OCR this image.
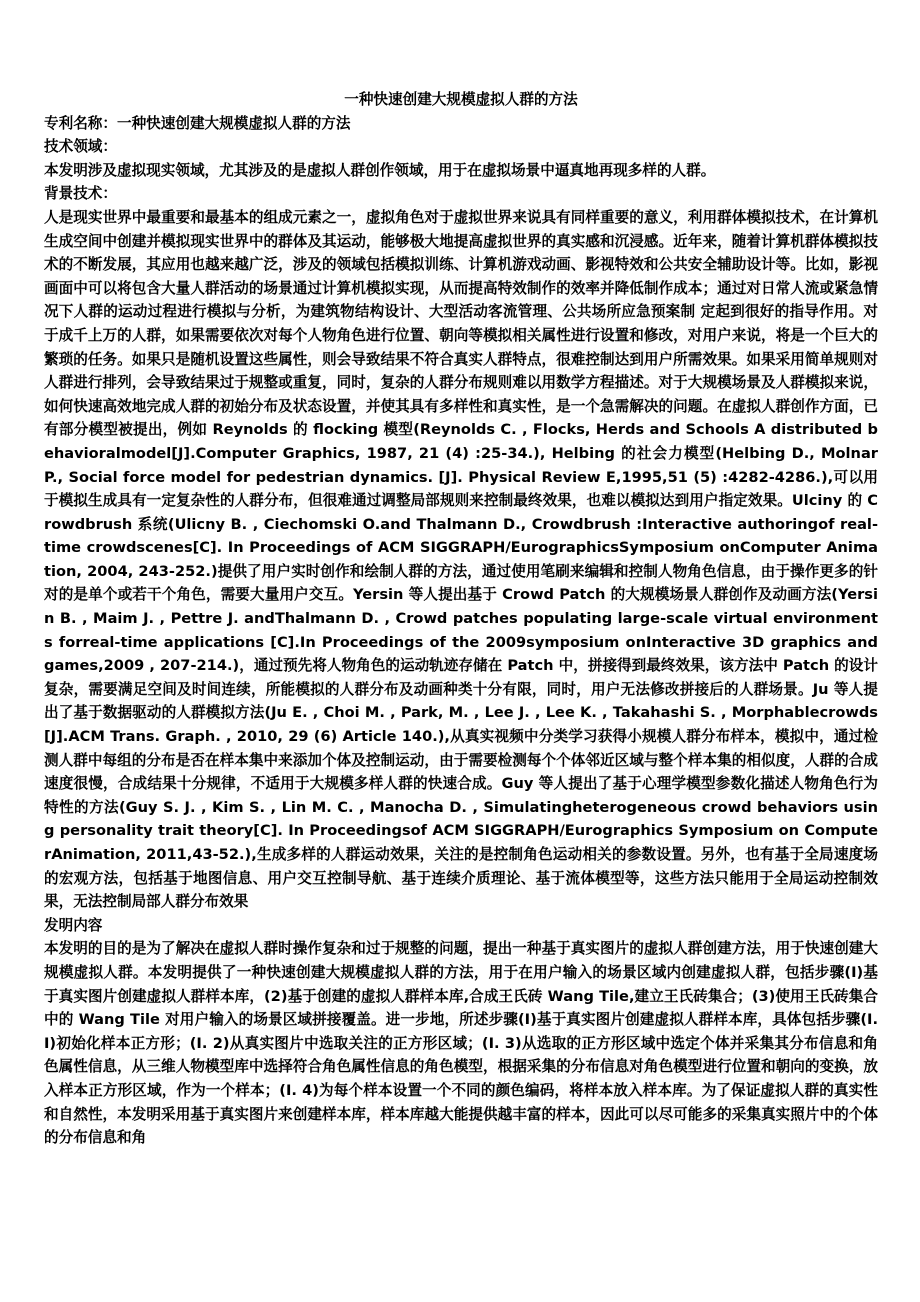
一种快速创建大规模虚拟人群的方法

专利名称：一种快速创建大规模虚拟人群的方法

技术领域：

本发明涉及虚拟现实领域，尤其涉及的是虚拟人群创作领域，用于在虚拟场景中逼真地再现多样的人群。

背景技术：

人是现实世界中最重要和最基本的组成元素之一，虚拟角色对于虚拟世界来说具有同样重要的意义，利用群体模拟技术，在计算机生成空间中创建并模拟现实世界中的群体及其运动，能够极大地提高虚拟世界的真实感和沉浸感。近年来，随着计算机群体模拟技术的不断发展，其应用也越来越广泛，涉及的领域包括模拟训练、计算机游戏动画、影视特效和公共安全辅助设计等。比如，影视画面中可以将包含大量人群活动的场景通过计算机模拟实现，从而提高特效制作的效率并降低制作成本；通过对日常人流或紧急情况下人群的运动过程进行模拟与分析，为建筑物结构设计、大型活动客流管理、公共场所应急预案制 定起到很好的指导作用。对于成千上万的人群，如果需要依次对每个人物角色进行位置、朝向等模拟相关属性进行设置和修改，对用户来说，将是一个巨大的繁琐的任务。如果只是随机设置这些属性，则会导致结果不符合真实人群特点，很难控制达到用户所需效果。如果采用简单规则对人群进行排列，会导致结果过于规整或重复，同时，复杂的人群分布规则难以用数学方程描述。对于大规模场景及人群模拟来说，如何快速高效地完成人群的初始分布及状态设置，并使其具有多样性和真实性，是一个急需解决的问题。在虚拟人群创作方面，已有部分模型被提出，例如 Reynolds 的 flocking 模型(Reynolds C. , Flocks, Herds and Schools A distributed behavioralmodel[J].Computer Graphics, 1987, 21 (4) :25-34.), Helbing 的社会力模型(Helbing D., MolnarP., Social force model for pedestrian dynamics. [J]. Physical Review E,1995,51 (5) :4282-4286.),可以用于模拟生成具有一定复杂性的人群分布，但很难通过调整局部规则来控制最终效果，也难以模拟达到用户指定效果。Ulciny 的 Crowdbrush 系统(Ulicny B. , Ciechomski O.and Thalmann D., Crowdbrush :Interactive authoringof real-time crowdscenes[C]. In Proceedings of ACM SIGGRAPH/EurographicsSymposium onComputer Animation, 2004, 243-252.)提供了用户实时创作和绘制人群的方法，通过使用笔刷来编辑和控制人物角色信息，由于操作更多的针对的是单个或若干个角色，需要大量用户交互。Yersin 等人提出基于 Crowd Patch 的大规模场景人群创作及动画方法(Yersin B. , Maim J. , Pettre J. andThalmann D. , Crowd patches populating large-scale virtual environments forreal-time applications [C].In Proceedings of the 2009symposium onInteractive 3D graphics and games,2009 , 207-214.)，通过预先将人物角色的运动轨迹存储在 Patch 中，拼接得到最终效果，该方法中 Patch 的设计复杂，需要满足空间及时间连续，所能模拟的人群分布及动画种类十分有限，同时，用户无法修改拼接后的人群场景。Ju 等人提出了基于数据驱动的人群模拟方法(Ju E. , Choi M. , Park, M. , Lee J. , Lee K. , Takahashi S. , Morphablecrowds [J].ACM Trans. Graph. , 2010, 29 (6) Article 140.),从真实视频中分类学习获得小规模人群分布样本，模拟中，通过检测人群中每组的分布是否在样本集中来添加个体及控制运动，由于需要检测每个个体邻近区域与整个样本集的相似度，人群的合成速度很慢，合成结果十分规律，不适用于大规模多样人群的快速合成。Guy 等人提出了基于心理学模型参数化描述人物角色行为特性的方法(Guy S. J. , Kim S. , Lin M. C. , Manocha D. , Simulatingheterogeneous crowd behaviors using personality trait theory[C]. In Proceedingsof ACM SIGGRAPH/Eurographics Symposium on ComputerAnimation, 2011,43-52.),生成多样的人群运动效果，关注的是控制角色运动相关的参数设置。另外，也有基于全局速度场的宏观方法，包括基于地图信息、用户交互控制导航、基于连续介质理论、基于流体模型等，这些方法只能用于全局运动控制效果，无法控制局部人群分布效果

发明内容

本发明的目的是为了解决在虚拟人群时操作复杂和过于规整的问题，提出一种基于真实图片的虚拟人群创建方法，用于快速创建大规模虚拟人群。本发明提供了一种快速创建大规模虚拟人群的方法，用于在用户输入的场景区域内创建虚拟人群，包括步骤(I)基于真实图片创建虚拟人群样本库，(2)基于创建的虚拟人群样本库,合成王氏砖 Wang Tile,建立王氏砖集合；(3)使用王氏砖集合中的 Wang Tile 对用户输入的场景区域拼接覆盖。进一步地，所述步骤(I)基于真实图片创建虚拟人群样本库，具体包括步骤(I. I)初始化样本正方形；(I. 2)从真实图片中选取关注的正方形区域；(I. 3)从选取的正方形区域中选定个体并采集其分布信息和角色属性信息，从三维人物模型库中选择符合角色属性信息的角色模型，根据采集的分布信息对角色模型进行位置和朝向的变换，放入样本正方形区域，作为一个样本；(I. 4)为每个样本设置一个不同的颜色编码，将样本放入样本库。为了保证虚拟人群的真实性和自然性，本发明采用基于真实图片来创建样本库，样本库越大能提供越丰富的样本，因此可以尽可能多的采集真实照片中的个体的分布信息和角
